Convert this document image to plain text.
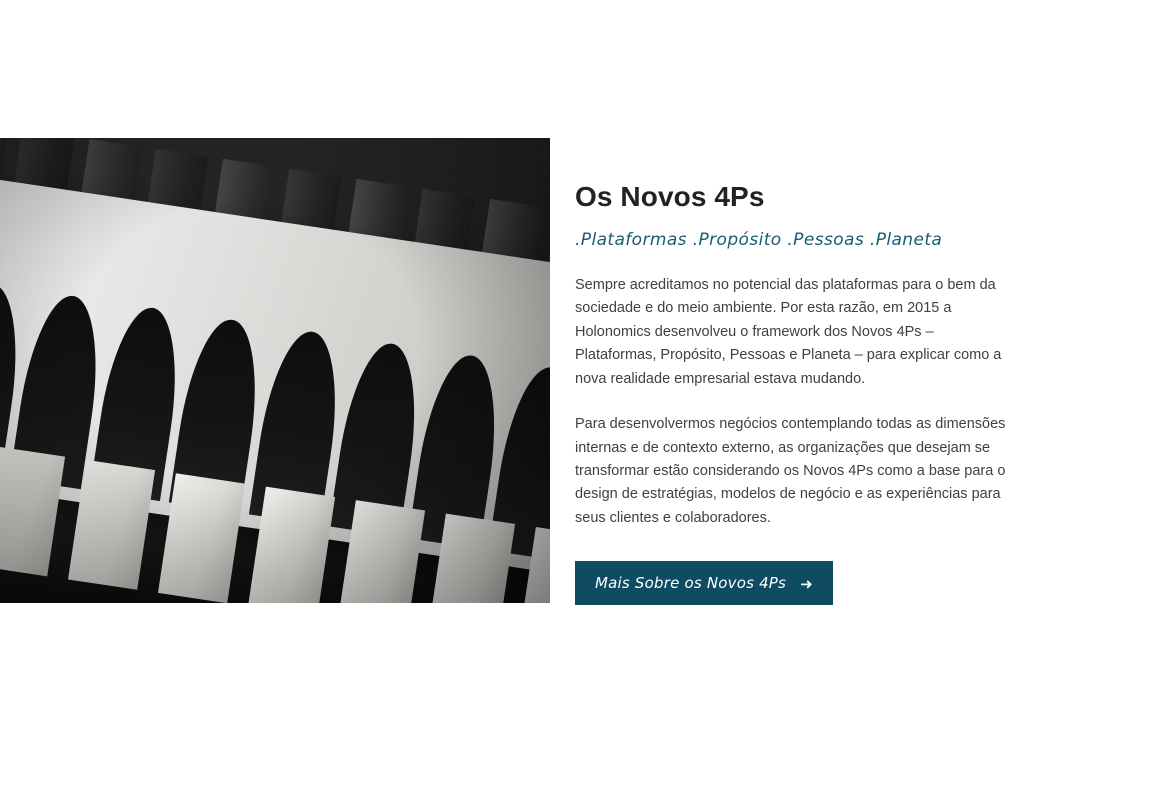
Os Novos 4Ps
.Plataformas .Propósito .Pessoas .Planeta

Sempre acreditamos no potencial das plataformas para o bem da sociedade e do meio ambiente. Por esta razão, em 2015 a Holonomics desenvolveu o framework dos Novos 4Ps – Plataformas, Propósito, Pessoas e Planeta – para explicar como a nova realidade empresarial estava mudando.

Para desenvolvermos negócios contemplando todas as dimensões internas e de contexto externo, as organizações que desejam se transformar estão considerando os Novos 4Ps como a base para o design de estratégias, modelos de negócio e as experiências para seus clientes e colaboradores.

Mais Sobre os Novos 4Ps ➜
